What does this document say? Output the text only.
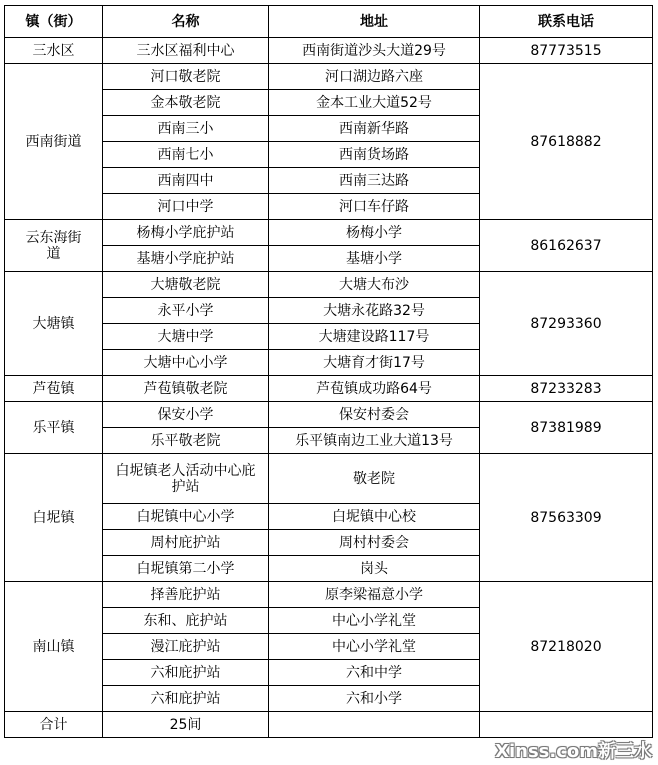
镇（街）	名称	地址	联系电话
三水区	三水区福利中心	西南街道沙头大道29号	87773515
西南街道	河口敬老院	河口湖边路六座	87618882
	金本敬老院	金本工业大道52号	
	西南三小	西南新华路	
	西南七小	西南货场路	
	西南四中	西南三达路	
	河口中学	河口车仔路	
云东海街道	杨梅小学庇护站	杨梅小学	86162637
	基塘小学庇护站	基塘小学	
大塘镇	大塘敬老院	大塘大布沙	87293360
	永平小学	大塘永花路32号	
	大塘中学	大塘建设路117号	
	大塘中心小学	大塘育才街17号	
芦苞镇	芦苞镇敬老院	芦苞镇成功路64号	87233283
乐平镇	保安小学	保安村委会	87381989
	乐平敬老院	乐平镇南边工业大道13号	
白坭镇	白坭镇老人活动中心庇护站	敬老院	87563309
	白坭镇中心小学	白坭镇中心校	
	周村庇护站	周村村委会	
	白坭镇第二小学	岗头	
南山镇	择善庇护站	原李梁福意小学	87218020
	东和、庇护站	中心小学礼堂	
	漫江庇护站	中心小学礼堂	
	六和庇护站	六和中学	
	六和庇护站	六和小学	
合计	25间		
Xinss.com新三水
